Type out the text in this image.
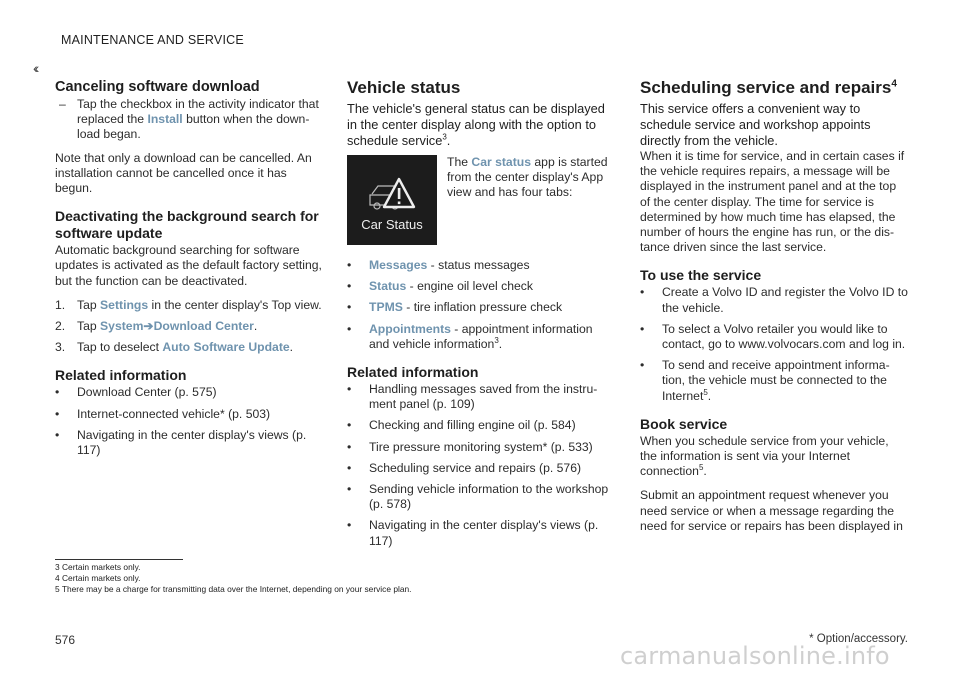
MAINTENANCE AND SERVICE
‹‹
Canceling software download
– Tap the checkbox in the activity indicator that replaced the Install button when the down-load began.

Note that only a download can be cancelled. An installation cannot be cancelled once it has begun.

Deactivating the background search for software update

Automatic background searching for software updates is activated as the default factory setting, but the function can be deactivated.

1. Tap Settings in the center display's Top view.
2. Tap System➔Download Center.
3. Tap to deselect Auto Software Update.
Related information
• Download Center (p. 575)
• Internet-connected vehicle* (p. 503)
• Navigating in the center display's views (p. 117)
Vehicle status

The vehicle's general status can be displayed in the center display along with the option to schedule service$^3$.

Car Status

The Car status app is started from the center display's App view and has four tabs:

• Messages - status messages
• Status - engine oil level check
• TPMS - tire inflation pressure check
• Appointments - appointment information and vehicle information$^3$.
Related information
• Handling messages saved from the instru-ment panel (p. 109)
• Checking and filling engine oil (p. 584)
• Tire pressure monitoring system* (p. 533)
• Scheduling service and repairs (p. 576)
• Sending vehicle information to the workshop (p. 578)
• Navigating in the center display's views (p. 117)
Scheduling service and repairs$^4$

This service offers a convenient way to schedule service and workshop appoints directly from the vehicle.

When it is time for service, and in certain cases if the vehicle requires repairs, a message will be displayed in the instrument panel and at the top of the center display. The time for service is determined by how much time has elapsed, the number of hours the engine has run, or the dis-tance driven since the last service.

To use the service
• Create a Volvo ID and register the Volvo ID to the vehicle.
• To select a Volvo retailer you would like to contact, go to www.volvocars.com and log in.
• To send and receive appointment informa-tion, the vehicle must be connected to the Internet$^5$.
Book service

When you schedule service from your vehicle, the information is sent via your Internet connection$^5$.

Submit an appointment request whenever you need service or when a message regarding the need for service or repairs has been displayed in

3 Certain markets only.
4 Certain markets only.
5 There may be a charge for transmitting data over the Internet, depending on your service plan.
576	* Option/accessory.
carmanualsonline.info
